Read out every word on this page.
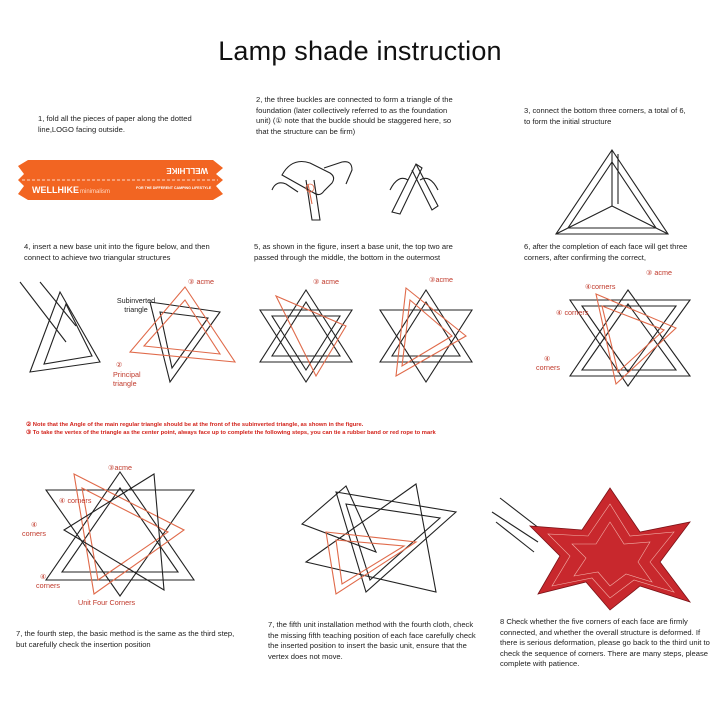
Lamp shade instruction
1, fold all the pieces of paper along the dotted line,LOGO facing outside.
2, the three buckles are connected to form a triangle of the foundation (later collectively referred to as the foundation unit) (① note that the buckle should be staggered here, so that the structure can be firm)
3, connect the bottom three corners, a total of 6, to form the initial structure
WELLHIKE
WELLHIKE minimalism
FOR THE DIFFERENT CAMPING LIFESTYLE
4, insert a new base unit into the figure below, and then connect to achieve two triangular structures
5, as shown in the figure, insert a base unit, the top two are passed through the middle, the bottom in the outermost
6, after the completion of each face will get three corners, after confirming the correct,
③ acme
Subinverted triangle
②
Principal triangle
③ acme	③acme
③ acme
④corners
④ corners
④
corners
② Note that the Angle of the main regular triangle should be at the front of the subinverted triangle, as shown in the figure.
③ To take the vertex of the triangle as the center point, always face up to complete the following steps, you can tie a rubber band or red rope to mark
③acme
④ corners
④
corners
④
corners
Unit Four Corners
7, the fourth step, the basic method is the same as the third step, but carefully check the insertion position
7, the fifth unit installation method with the fourth cloth, check the missing fifth teaching position of each face carefully check the inserted position to insert the basic unit, ensure that the vertex does not move.
8 Check whether the five corners of each face are firmly connected, and whether the overall structure is deformed. If there is serious deformation, please go back to the third unit to check the sequence of corners. There are many steps, please complete with patience.
